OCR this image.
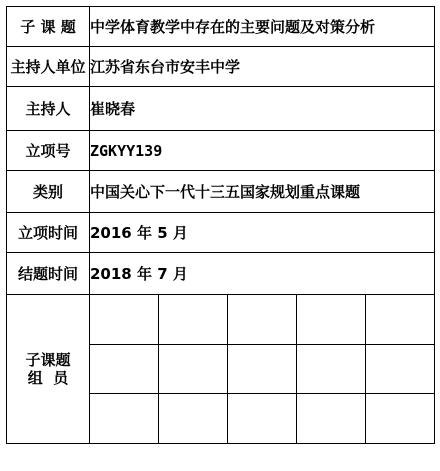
子 课 题	中学体育教学中存在的主要问题及对策分析				
主持人单位	江苏省东台市安丰中学				
主持人	崔晓春				
立项号	ZGKYY139				
类别	中国关心下一代十三五国家规划重点课题				
立项时间	2016 年 5 月				
结题时间	2018 年 7 月				

子课题
组  员					
